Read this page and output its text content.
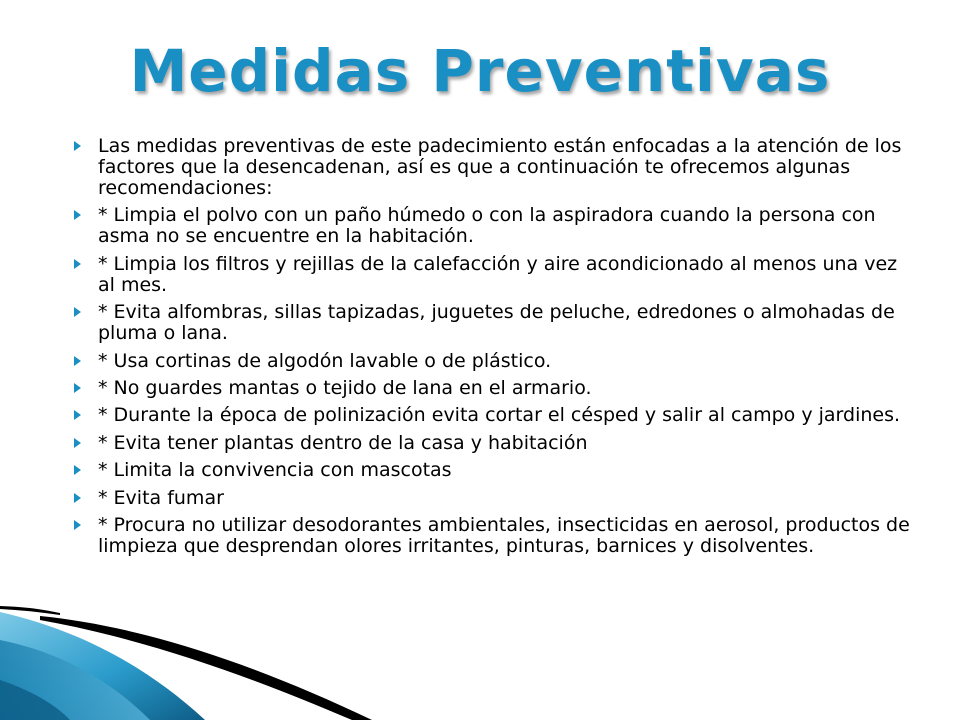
Medidas Preventivas
Las medidas preventivas de este padecimiento están enfocadas a la atención de los factores que la desencadenan, así es que a continuación te ofrecemos algunas recomendaciones:
* Limpia el polvo con un paño húmedo o con la aspiradora cuando la persona con asma no se encuentre en la habitación.
* Limpia los filtros y rejillas de la calefacción y aire acondicionado al menos una vez al mes.
* Evita alfombras, sillas tapizadas, juguetes de peluche, edredones o almohadas de pluma o lana.
* Usa cortinas de algodón lavable o de plástico.
* No guardes mantas o tejido de lana en el armario.
* Durante la época de polinización evita cortar el césped y salir al campo y jardines.
* Evita tener plantas dentro de la casa y habitación
* Limita la convivencia con mascotas
* Evita fumar
* Procura no utilizar desodorantes ambientales, insecticidas en aerosol, productos de limpieza que desprendan olores irritantes, pinturas, barnices y disolventes.
